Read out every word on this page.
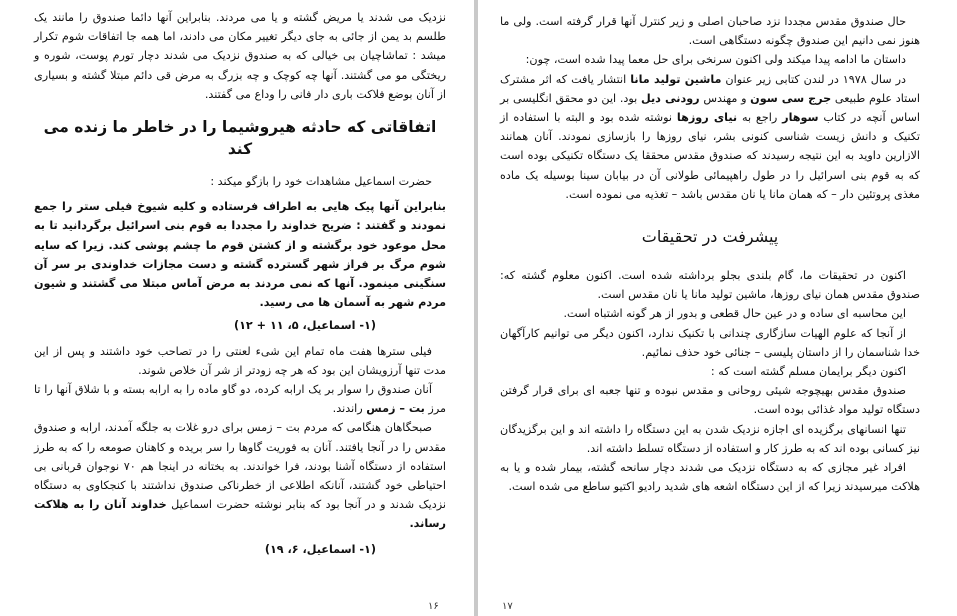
نزدیک می شدند یا مریض گشته و یا می مردند. بنابراین آنها دائما صندوق را مانند یک طلسم بد یمن از جائی به جای دیگر تغییر مکان می دادند، اما همه جا اتفاقات شوم تکرار میشد : تماشاچیان بی خیالی که به صندوق نزدیک می شدند دچار تورم پوست، شوره و ریختگی مو می گشتند. آنها چه کوچک و چه بزرگ به مرض قی دائم مبتلا گشته و بسیاری از آنان بوضع فلاکت باری دار فانی را وداع می گفتند.

اتفاقاتی که حادثه هیروشیما را در خاطر ما زنده می کند

حضرت اسماعیل مشاهدات خود را بازگو میکند :

بنابراین آنها پیک هایی به اطراف فرستاده و کلیه شیوخ فیلی ستر را جمع نمودند و گفتند : ضریح خداوند را مجددا به قوم بنی اسرائیل برگردانید تا به محل موعود خود برگشته و از کشتن قوم ما چشم پوشی کند. زیرا که سایه شوم مرگ بر فراز شهر گسترده گشته و دست مجازات خداوندی بر سر آن سنگینی مینمود. آنها که نمی مردند به مرض آماس مبتلا می گشتند و شیون مردم شهر به آسمان ها می رسید.

(۱- اسماعیل، ۵، ۱۱ + ۱۲)

فیلی سترها هفت ماه تمام این شیء لعنتی را در تصاحب خود داشتند و پس از این مدت تنها آرزویشان این بود که هر چه زودتر از شر آن خلاص شوند.

آنان صندوق را سوار بر یک ارابه کرده، دو گاو ماده را به ارابه بسته و با شلاق آنها را تا مرز بت – زمس راندند.

صبحگاهان هنگامی که مردم بت – زمس برای درو غلات به جلگه آمدند، ارابه و صندوق مقدس را در آنجا یافتند. آنان به فوریت گاوها را سر بریده و کاهنان صومعه را که به طرز استفاده از دستگاه آشنا بودند، فرا خواندند. به بختانه در اینجا هم ۷۰ نوجوان قربانی بی احتیاطی خود گشتند، آنانکه اطلاعی از خطرناکی صندوق نداشتند با کنجکاوی به دستگاه نزدیک شدند و در آنجا بود که بنابر نوشته حضرت اسماعیل خداوند آنان را به هلاکت رساند.

(۱- اسماعیل، ۶، ۱۹)
۱۶

حال صندوق مقدس مجددا نزد صاحبان اصلی و زیر کنترل آنها قرار گرفته است. ولی ما هنوز نمی دانیم این صندوق چگونه دستگاهی است.

داستان ما ادامه پیدا میکند ولی اکنون سرنخی برای حل معما پیدا شده است، چون:

در سال ۱۹۷۸ در لندن کتابی زیر عنوان ماشین تولید مانا انتشار یافت که اثر مشترک استاد علوم طبیعی جرج سی سون و مهندس رودنی دیل بود. این دو محقق انگلیسی بر اساس آنچه در کتاب سوهار راجع به نیای روزها نوشته شده بود و البته با استفاده از تکنیک و دانش زیست شناسی کنونی بشر، نیای روزها را بازسازی نمودند. آنان همانند الازارین داوید به این نتیجه رسیدند که صندوق مقدس محققا یک دستگاه تکنیکی بوده است که به قوم بنی اسرائیل را در طول راهپیمائی طولانی آن در بیابان سینا بوسیله یک ماده مغذی پروتئین دار – که همان مانا یا نان مقدس باشد – تغذیه می نموده است.

پیشرفت در تحقیقات

اکنون در تحقیقات ما، گام بلندی بجلو برداشته شده است. اکنون معلوم گشته که: صندوق مقدس همان نیای روزها، ماشین تولید مانا یا نان مقدس است.

این محاسبه ای ساده و در عین حال قطعی و بدور از هر گونه اشتباه است.

از آنجا که علوم الهیات سازگاری چندانی با تکنیک ندارد، اکنون دیگر می توانیم کارآگهان خدا شناسمان را از داستان پلیسی – جنائی خود حذف نمائیم.

اکنون دیگر برایمان مسلم گشته است که :

صندوق مقدس بهیچوجه شیئی روحانی و مقدس نبوده و تنها جعبه ای برای قرار گرفتن دستگاه تولید مواد غذائی بوده است.

تنها انسانهای برگزیده ای اجازه نزدیک شدن به این دستگاه را داشته اند و این برگزیدگان نیز کسانی بوده اند که به طرز کار و استفاده از دستگاه تسلط داشته اند.

افراد غیر مجازی که به دستگاه نزدیک می شدند دچار سانحه گشته، بیمار شده و یا به هلاکت میرسیدند زیرا که از این دستگاه اشعه های شدید رادیو اکتیو ساطع می شده است.

۱۷
